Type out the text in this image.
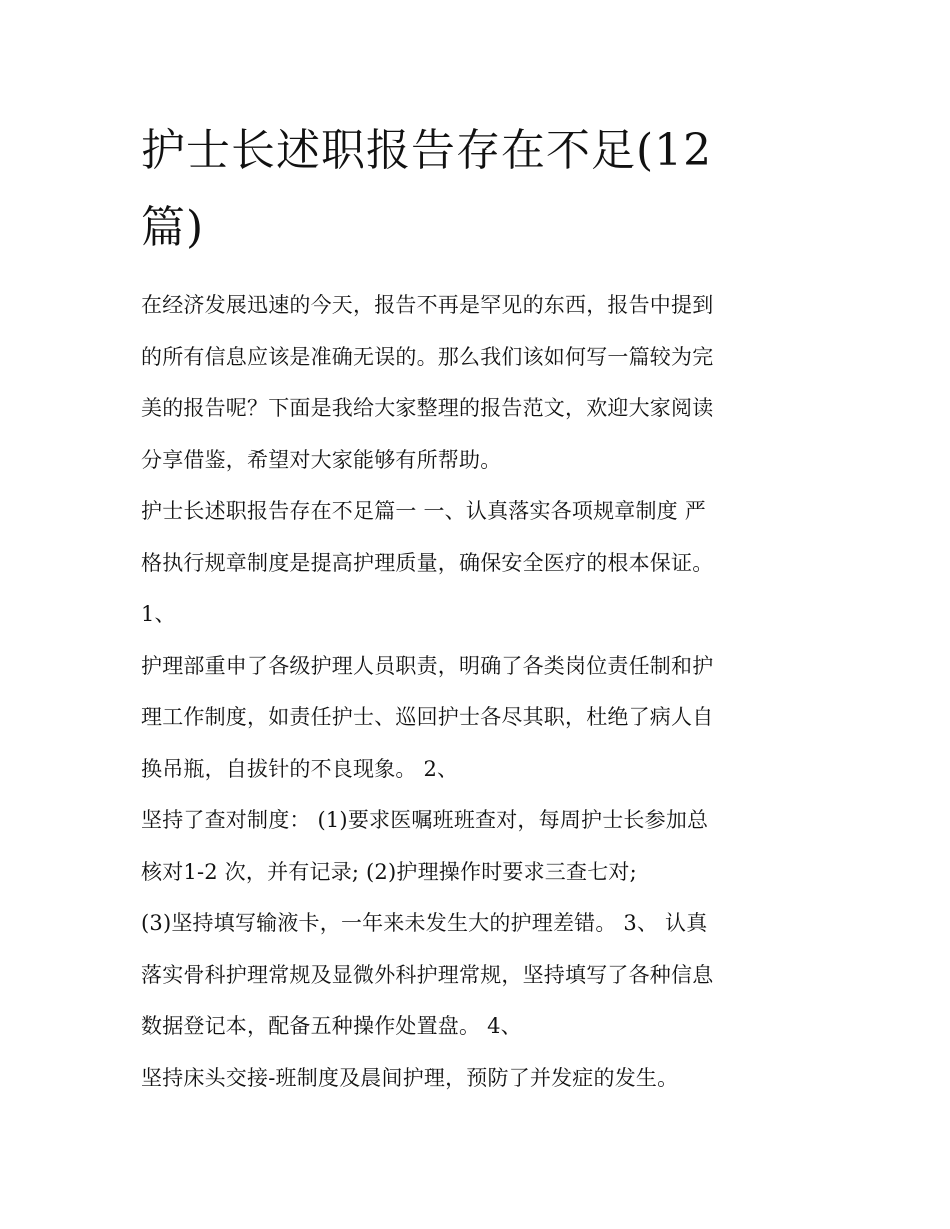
护士长述职报告存在不足(12
篇)
在经济发展迅速的今天，报告不再是罕见的东西，报告中提到
的所有信息应该是准确无误的。那么我们该如何写一篇较为完
美的报告呢？下面是我给大家整理的报告范文，欢迎大家阅读
分享借鉴，希望对大家能够有所帮助。
护士长述职报告存在不足篇一 一、认真落实各项规章制度 严
格执行规章制度是提高护理质量，确保安全医疗的根本保证。
1、
护理部重申了各级护理人员职责，明确了各类岗位责任制和护
理工作制度，如责任护士、巡回护士各尽其职，杜绝了病人自
换吊瓶，自拔针的不良现象。 2、
坚持了查对制度： (1)要求医嘱班班查对，每周护士长参加总
核对1-2 次，并有记录; (2)护理操作时要求三查七对;
(3)坚持填写输液卡，一年来未发生大的护理差错。 3、 认真
落实骨科护理常规及显微外科护理常规，坚持填写了各种信息
数据登记本，配备五种操作处置盘。 4、
坚持床头交接-班制度及晨间护理，预防了并发症的发生。
